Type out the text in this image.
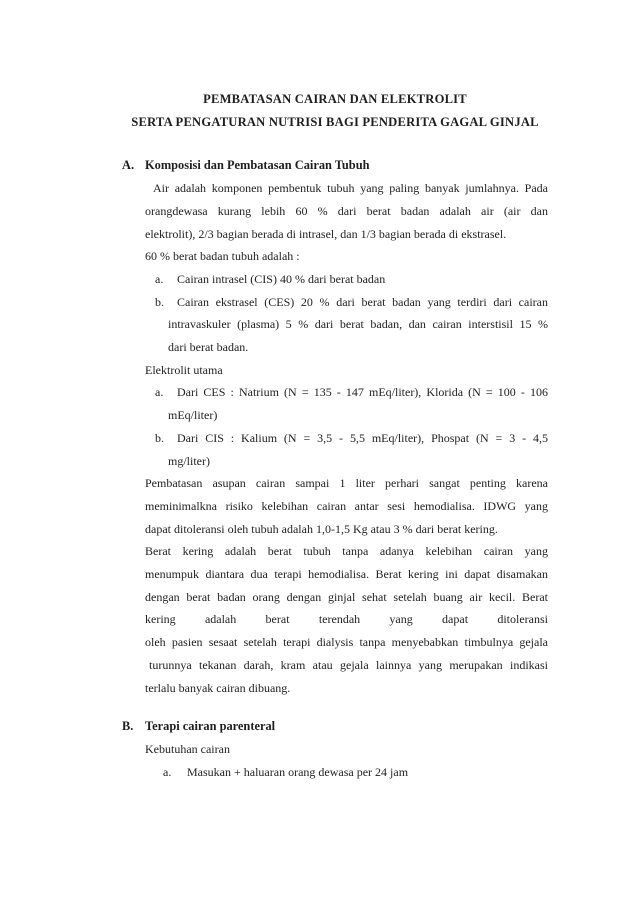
PEMBATASAN CAIRAN DAN ELEKTROLIT
SERTA PENGATURAN NUTRISI BAGI PENDERITA GAGAL GINJAL
A. Komposisi dan Pembatasan Cairan Tubuh
Air adalah komponen pembentuk tubuh yang paling banyak jumlahnya. Pada
orangdewasa kurang lebih 60 % dari berat badan adalah air (air dan
elektrolit), 2/3 bagian berada di intrasel, dan 1/3 bagian berada di ekstrasel.
60 % berat badan tubuh adalah :
a. Cairan intrasel (CIS) 40 % dari berat badan
b. Cairan ekstrasel (CES) 20 % dari berat badan yang terdiri dari cairan
intravaskuler (plasma) 5 % dari berat badan, dan cairan interstisil 15 %
dari berat badan.
Elektrolit utama
a. Dari CES : Natrium (N = 135 - 147 mEq/liter), Klorida (N = 100 - 106
mEq/liter)
b. Dari CIS : Kalium (N = 3,5 - 5,5 mEq/liter), Phospat (N = 3 - 4,5
mg/liter)
Pembatasan asupan cairan sampai 1 liter perhari sangat penting karena
meminimalkna risiko kelebihan cairan antar sesi hemodialisa. IDWG yang
dapat ditoleransi oleh tubuh adalah 1,0-1,5 Kg atau 3 % dari berat kering.
Berat kering adalah berat tubuh tanpa adanya kelebihan cairan yang
menumpuk diantara dua terapi hemodialisa. Berat kering ini dapat disamakan
dengan berat badan orang dengan ginjal sehat setelah buang air kecil. Berat
kering adalah berat terendah yang dapat ditoleransi
oleh pasien sesaat setelah terapi dialysis tanpa menyebabkan timbulnya gejala
turunnya tekanan darah, kram atau gejala lainnya yang merupakan indikasi
terlalu banyak cairan dibuang.
B. Terapi cairan parenteral
Kebutuhan cairan
a. Masukan + haluaran orang dewasa per 24 jam
